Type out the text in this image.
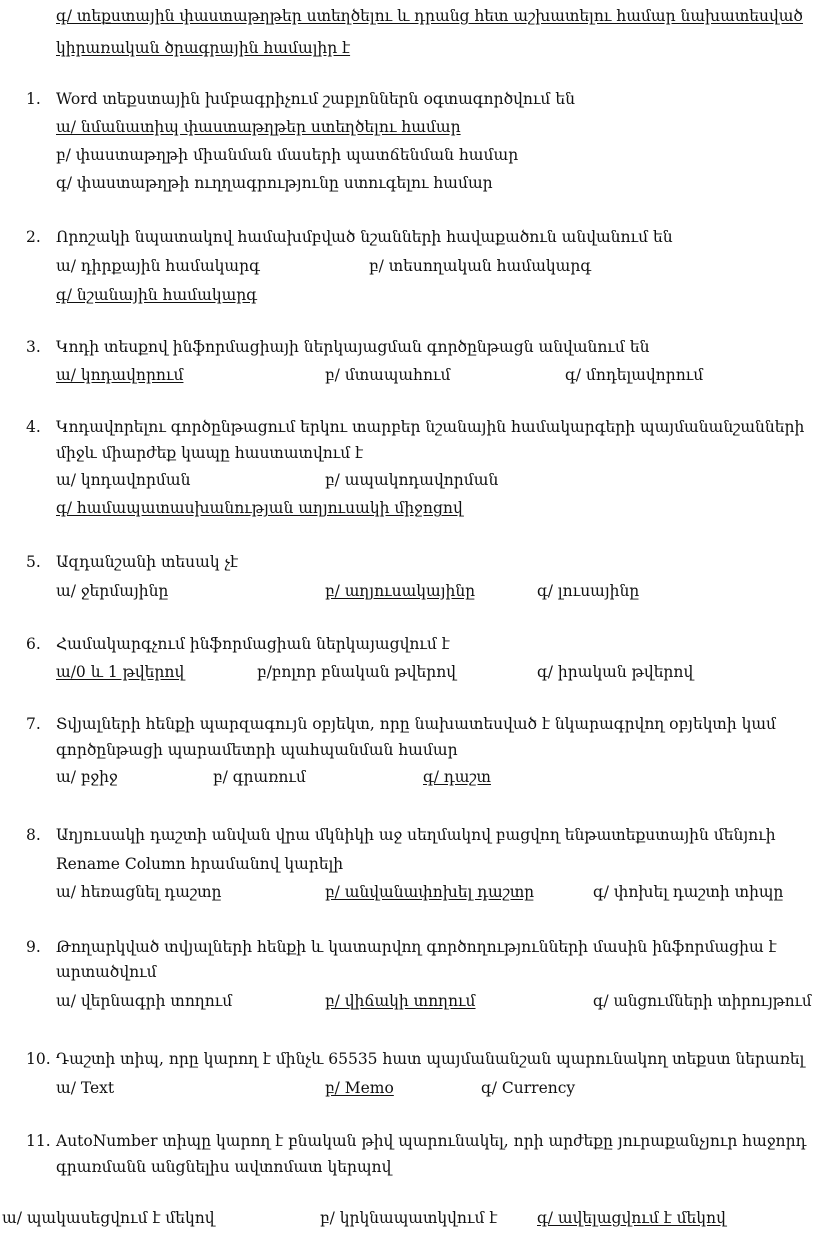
գ/ տեքստային փաստաթղթեր ստեղծելու և դրանց հետ աշխատելու համար նախատեսված
կիրառական ծրագրային համալիր է
1. Word տեքստային խմբագրիչում շաբլոններն օգտագործվում են
ա/ նմանատիպ փաստաթղթեր ստեղծելու համար
բ/ փաստաթղթի միանման մասերի պատճենման համար
գ/ փաստաթղթի ուղղագրությունը ստուգելու համար
2. Որոշակի նպատակով համախմբված նշանների հավաքածուն անվանում են
ա/ դիրքային համակարգ	բ/ տեսողական համակարգ
գ/ նշանային համակարգ
3. Կոդի տեսքով ինֆորմացիայի ներկայացման գործընթացն անվանում են
ա/ կոդավորում	բ/ մտապահում	գ/ մոդելավորում
4. Կոդավորելու գործընթացում երկու տարբեր նշանային համակարգերի պայմանանշանների
միջև միարժեք կապը հաստատվում է
ա/ կոդավորման	բ/ ապակոդավորման
գ/ համապատասխանության աղյուսակի միջոցով
5. Ազդանշանի տեսակ չէ
ա/ ջերմայինը	բ/ աղյուսակայինը	գ/ լուսայինը
6. Համակարգչում ինֆորմացիան ներկայացվում է
ա/0 և 1 թվերով	բ/բոլոր բնական թվերով	գ/ իրական թվերով
7. Տվյալների հենքի պարզագույն օբյեկտ, որը նախատեսված է նկարագրվող օբյեկտի կամ
գործընթացի պարամետրի պահպանման համար
ա/ բջիջ	բ/ գրառում	գ/ դաշտ
8. Աղյուսակի դաշտի անվան վրա մկնիկի աջ սեղմակով բացվող ենթատեքստային մենյուի
Rename Column հրամանով կարելի
ա/ հեռացնել դաշտը	բ/ անվանափոխել դաշտը	գ/ փոխել դաշտի տիպը
9. Թողարկված տվյալների հենքի և կատարվող գործողությունների մասին ինֆորմացիա է
արտածվում
ա/ վերնագրի տողում	բ/ վիճակի տողում	գ/ անցումների տիրույթում
10. Դաշտի տիպ, որը կարող է մինչև 65535 հատ պայմանանշան պարունակող տեքստ ներառել
ա/ Text	բ/ Memo	գ/ Currency
11. AutoNumber տիպը կարող է բնական թիվ պարունակել, որի արժեքը յուրաքանչյուր հաջորդ
գրառմանն անցնելիս ավտոմատ կերպով
ա/ պակասեցվում է մեկով	բ/ կրկնապատկվում է	գ/ ավելացվում է մեկով
